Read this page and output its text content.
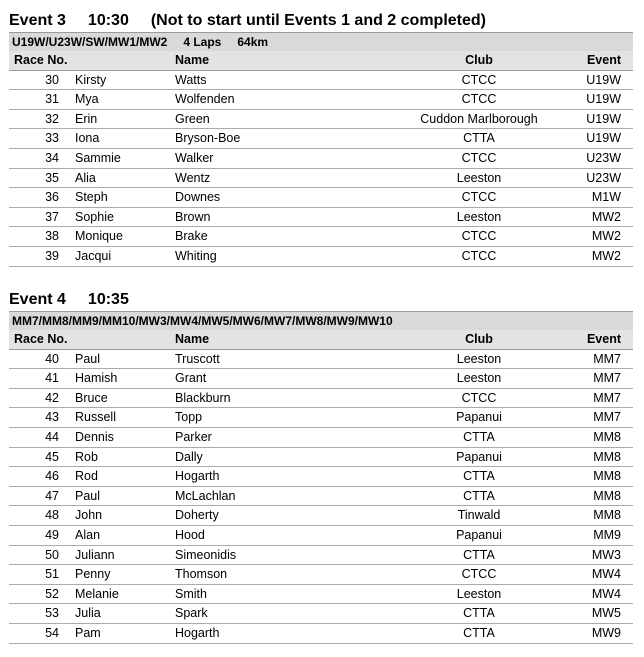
Event 3 10:30 (Not to start until Events 1 and 2 completed)
U19W/U23W/SW/MW1/MW2 4 Laps 64km
Race No.	Name	Club	Event
30 Kirsty	Watts	CTCC	U19W
31 Mya	Wolfenden	CTCC	U19W
32 Erin	Green	Cuddon Marlborough	U19W
33 Iona	Bryson-Boe	CTTA	U19W
34 Sammie	Walker	CTCC	U23W
35 Alia	Wentz	Leeston	U23W
36 Steph	Downes	CTCC	M1W
37 Sophie	Brown	Leeston	MW2
38 Monique	Brake	CTCC	MW2
39 Jacqui	Whiting	CTCC	MW2
Event 4 10:35
MM7/MM8/MM9/MM10/MW3/MW4/MW5/MW6/MW7/MW8/MW9/MW10
Race No.	Name	Club	Event
40 Paul	Truscott	Leeston	MM7
41 Hamish	Grant	Leeston	MM7
42 Bruce	Blackburn	CTCC	MM7
43 Russell	Topp	Papanui	MM7
44 Dennis	Parker	CTTA	MM8
45 Rob	Dally	Papanui	MM8
46 Rod	Hogarth	CTTA	MM8
47 Paul	McLachlan	CTTA	MM8
48 John	Doherty	Tinwald	MM8
49 Alan	Hood	Papanui	MM9
50 Juliann	Simeonidis	CTTA	MW3
51 Penny	Thomson	CTCC	MW4
52 Melanie	Smith	Leeston	MW4
53 Julia	Spark	CTTA	MW5
54 Pam	Hogarth	CTTA	MW9
